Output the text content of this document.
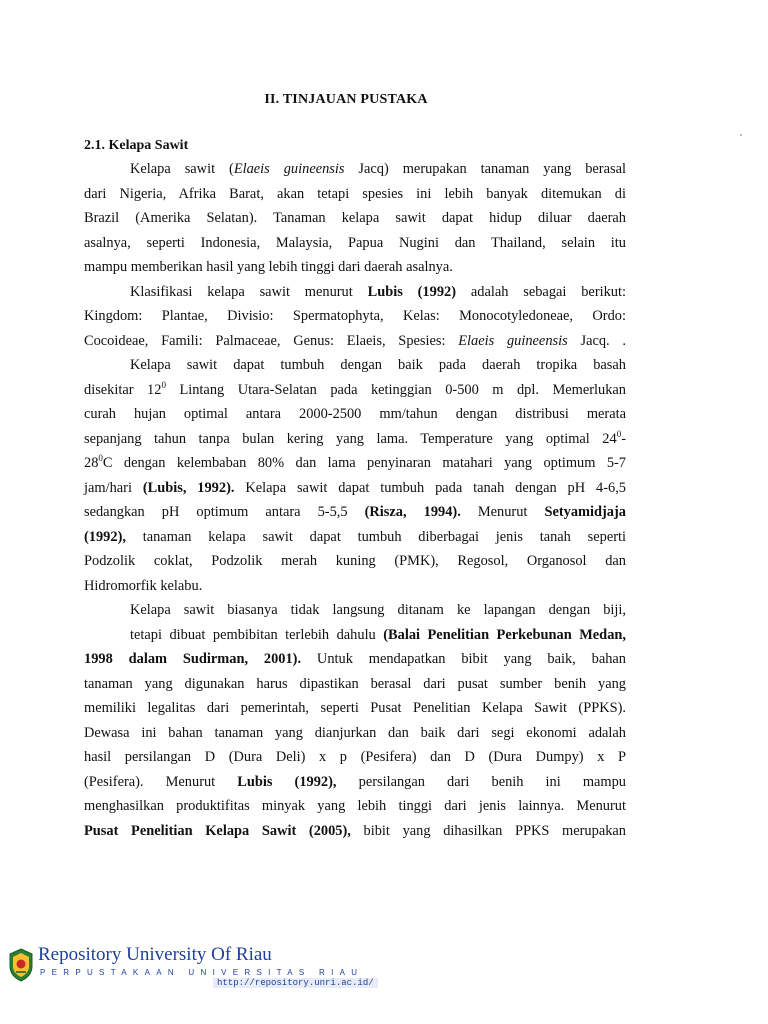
II. TINJAUAN PUSTAKA
2.1. Kelapa Sawit
Kelapa sawit (Elaeis guineensis Jacq) merupakan tanaman yang berasal
dari Nigeria, Afrika Barat, akan tetapi spesies ini lebih banyak ditemukan di
Brazil (Amerika Selatan). Tanaman kelapa sawit dapat hidup diluar daerah
asalnya, seperti Indonesia, Malaysia, Papua Nugini dan Thailand, selain itu
mampu memberikan hasil yang lebih tinggi dari daerah asalnya.
Klasifikasi kelapa sawit menurut Lubis (1992) adalah sebagai berikut:
Kingdom: Plantae, Divisio: Spermatophyta, Kelas: Monocotyledoneae, Ordo:
Cocoideae, Famili: Palmaceae, Genus: Elaeis, Spesies: Elaeis guineensis Jacq. .
Kelapa sawit dapat tumbuh dengan baik pada daerah tropika basah
disekitar $12^0$ Lintang Utara-Selatan pada ketinggian 0-500 m dpl. Memerlukan
curah hujan optimal antara 2000-2500 mm/tahun dengan distribusi merata
sepanjang tahun tanpa bulan kering yang lama. Temperature yang optimal $24^0-$
$28^0C$ dengan kelembaban 80% dan lama penyinaran matahari yang optimum 5-7
jam/hari (Lubis, 1992). Kelapa sawit dapat tumbuh pada tanah dengan pH 4-6,5
sedangkan pH optimum antara 5-5,5 (Risza, 1994). Menurut Setyamidjaja
(1992), tanaman kelapa sawit dapat tumbuh diberbagai jenis tanah seperti
Podzolik coklat, Podzolik merah kuning (PMK), Regosol, Organosol dan
Hidromorfik kelabu.
Kelapa sawit biasanya tidak langsung ditanam ke lapangan dengan biji,
tetapi dibuat pembibitan terlebih dahulu (Balai Penelitian Perkebunan Medan,
1998 dalam Sudirman, 2001). Untuk mendapatkan bibit yang baik, bahan
tanaman yang digunakan harus dipastikan berasal dari pusat sumber benih yang
memiliki legalitas dari pemerintah, seperti Pusat Penelitian Kelapa Sawit (PPKS).
Dewasa ini bahan tanaman yang dianjurkan dan baik dari segi ekonomi adalah
hasil persilangan D (Dura Deli) x p (Pesifera) dan D (Dura Dumpy) x P
(Pesifera). Menurut Lubis (1992), persilangan dari benih ini mampu
menghasilkan produktifitas minyak yang lebih tinggi dari jenis lainnya. Menurut
Pusat Penelitian Kelapa Sawit (2005), bibit yang dihasilkan PPKS merupakan
Repository University Of Riau
PERPUSTAKAAN UNIVERSITAS RIAU
http://repository.unri.ac.id/
